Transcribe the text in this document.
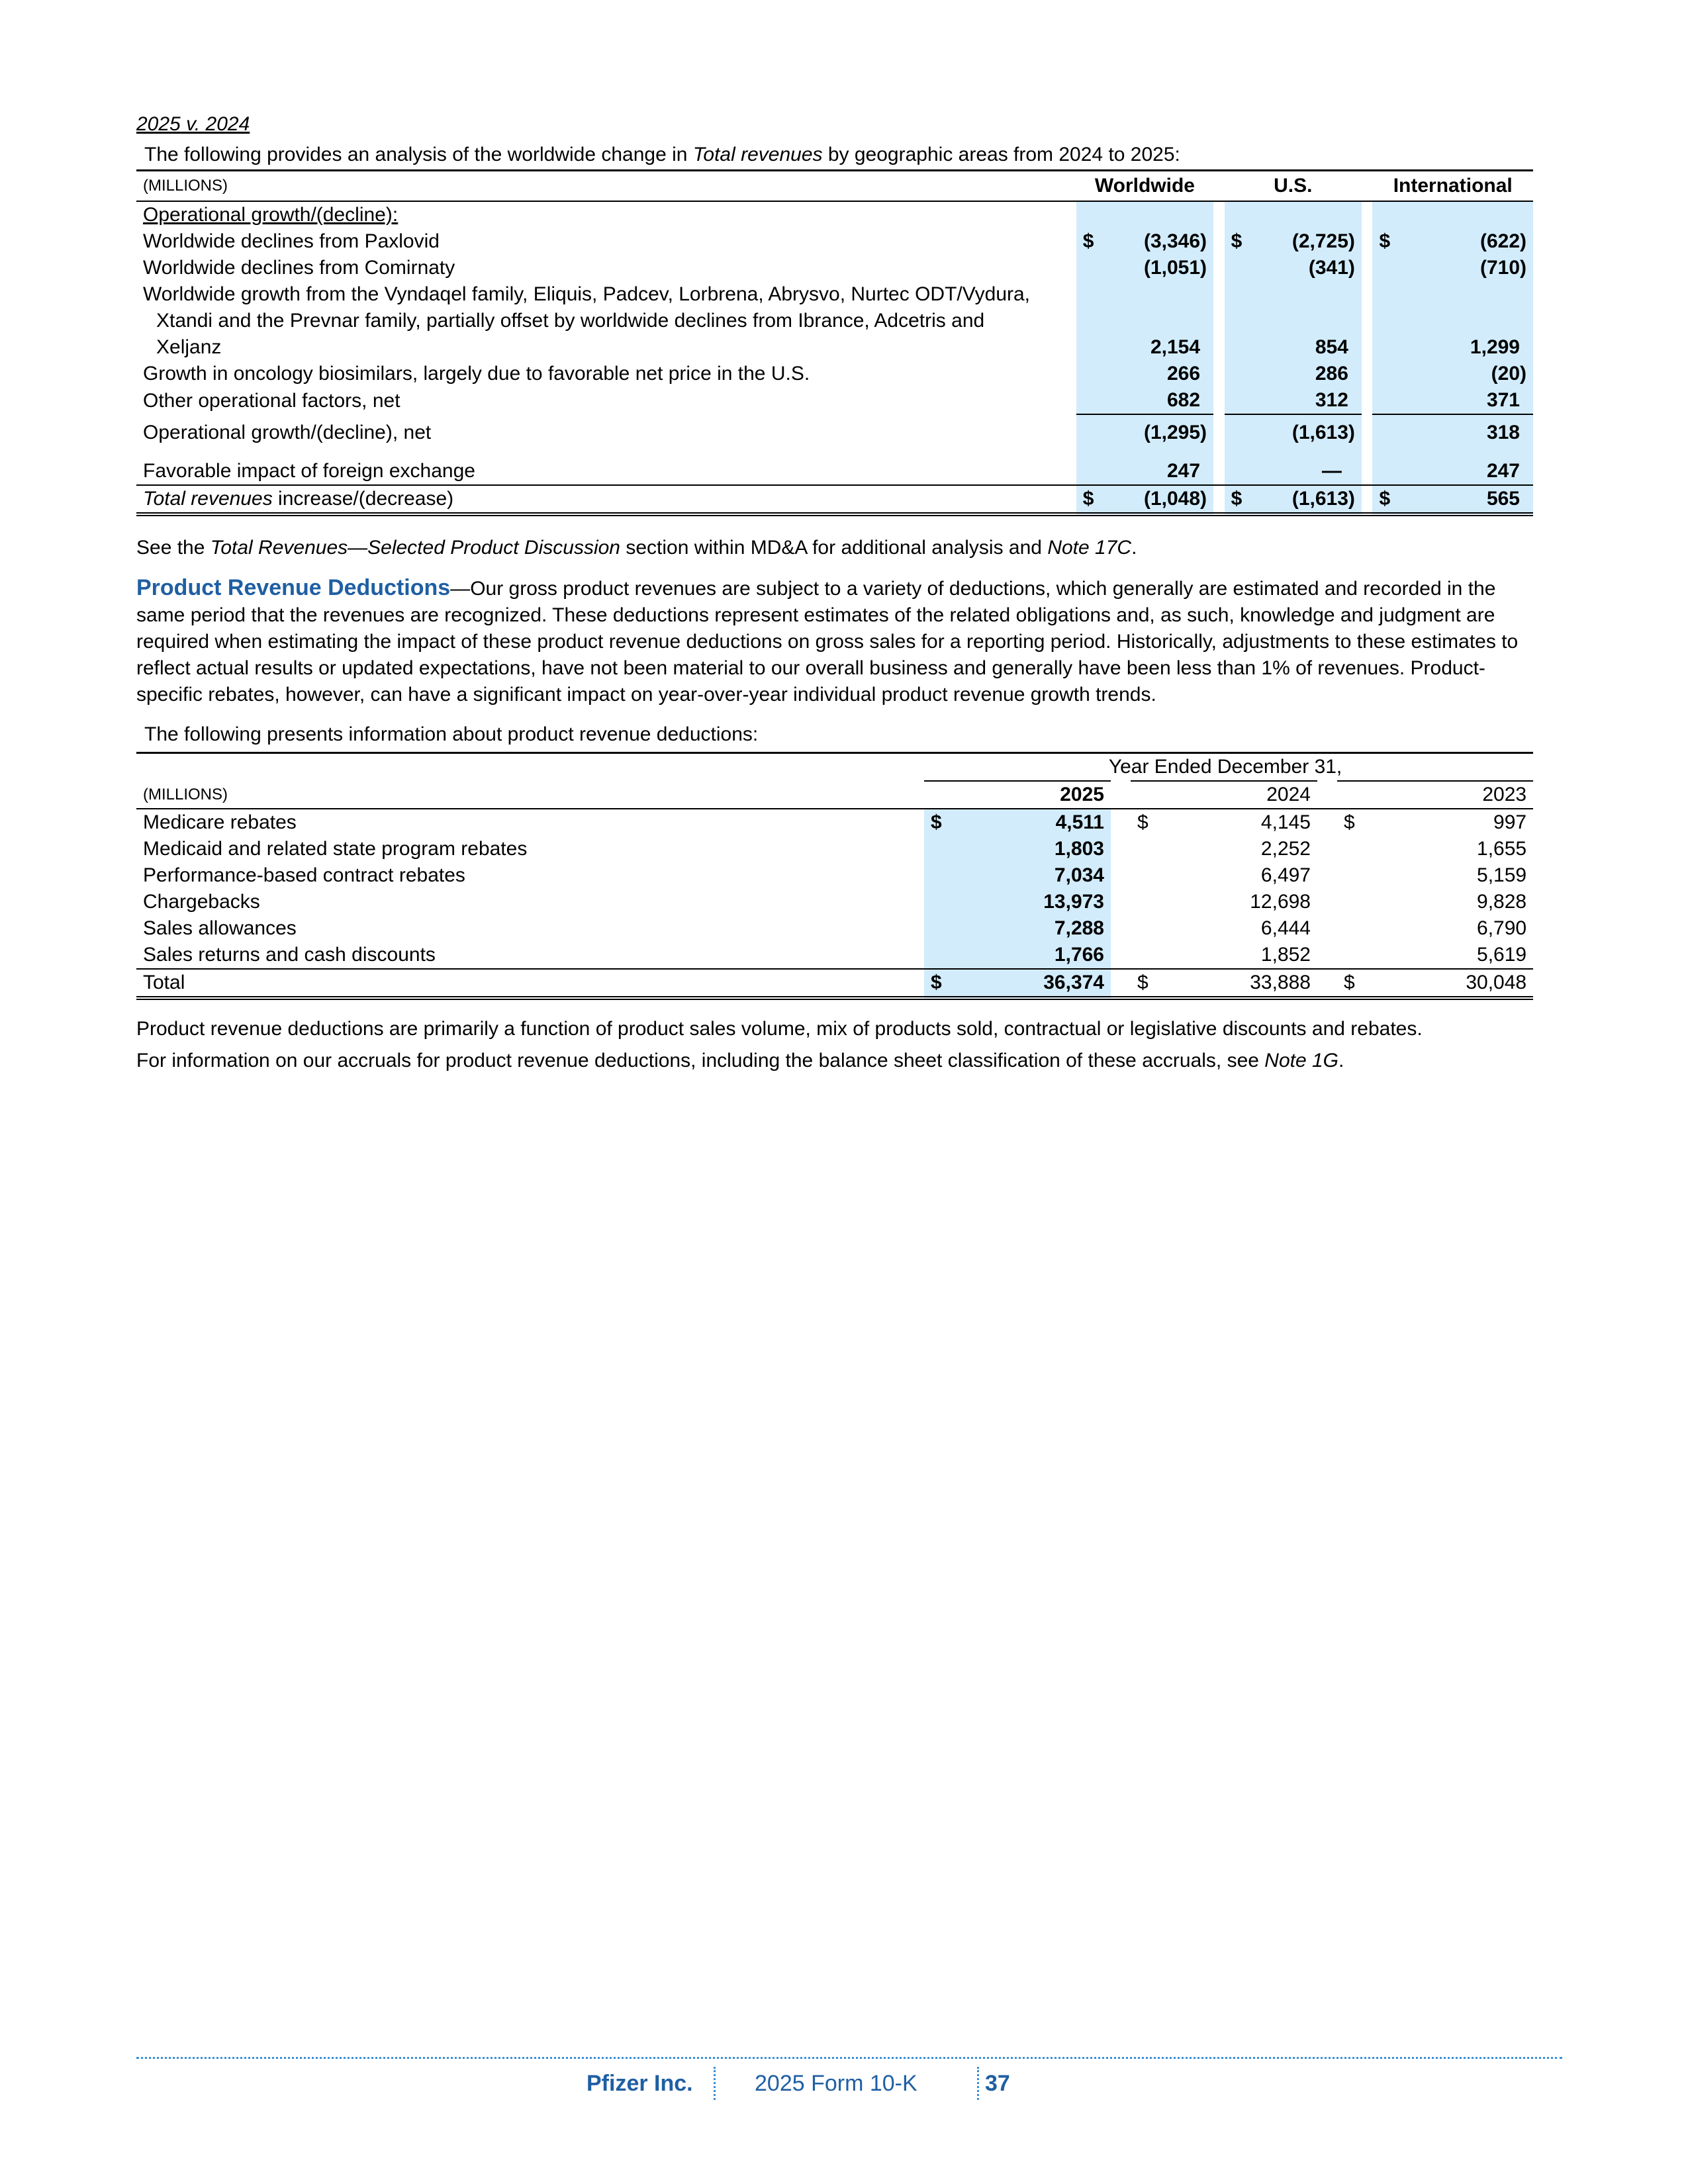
2025 v. 2024
The following provides an analysis of the worldwide change in Total revenues by geographic areas from 2024 to 2025:
(MILLIONS)	Worldwide		U.S.		International
Operational growth/(decline):					
Worldwide declines from Paxlovid	$ (3,346)		$ (2,725)		$ (622)
Worldwide declines from Comirnaty	(1,051)		(341)		(710)
Worldwide growth from the Vyndaqel family, Eliquis, Padcev, Lorbrena, Abrysvo, Nurtec ODT/Vydura, Xtandi and the Prevnar family, partially offset by worldwide declines from Ibrance, Adcetris and Xeljanz	2,154		854		1,299
Growth in oncology biosimilars, largely due to favorable net price in the U.S.	266		286		(20)
Other operational factors, net	682		312		371
Operational growth/(decline), net	(1,295)		(1,613)		318
Favorable impact of foreign exchange	247		—		247
Total revenues increase/(decrease)	$ (1,048)		$ (1,613)		$ 565
See the Total Revenues—Selected Product Discussion section within MD&A for additional analysis and Note 17C.
Product Revenue Deductions—Our gross product revenues are subject to a variety of deductions, which generally are estimated and recorded in the same period that the revenues are recognized. These deductions represent estimates of the related obligations and, as such, knowledge and judgment are required when estimating the impact of these product revenue deductions on gross sales for a reporting period. Historically, adjustments to these estimates to reflect actual results or updated expectations, have not been material to our overall business and generally have been less than 1% of revenues. Product-specific rebates, however, can have a significant impact on year-over-year individual product revenue growth trends.
The following presents information about product revenue deductions:
	Year Ended December 31,							
(MILLIONS)		2025			2024			2023
Medicare rebates	$	4,511		$	4,145		$	997
Medicaid and related state program rebates		1,803			2,252			1,655
Performance-based contract rebates		7,034			6,497			5,159
Chargebacks		13,973			12,698			9,828
Sales allowances		7,288			6,444			6,790
Sales returns and cash discounts		1,766			1,852			5,619
Total	$	36,374		$	33,888		$	30,048
Product revenue deductions are primarily a function of product sales volume, mix of products sold, contractual or legislative discounts and rebates.
For information on our accruals for product revenue deductions, including the balance sheet classification of these accruals, see Note 1G.
Pfizer Inc.	2025 Form 10-K	37
